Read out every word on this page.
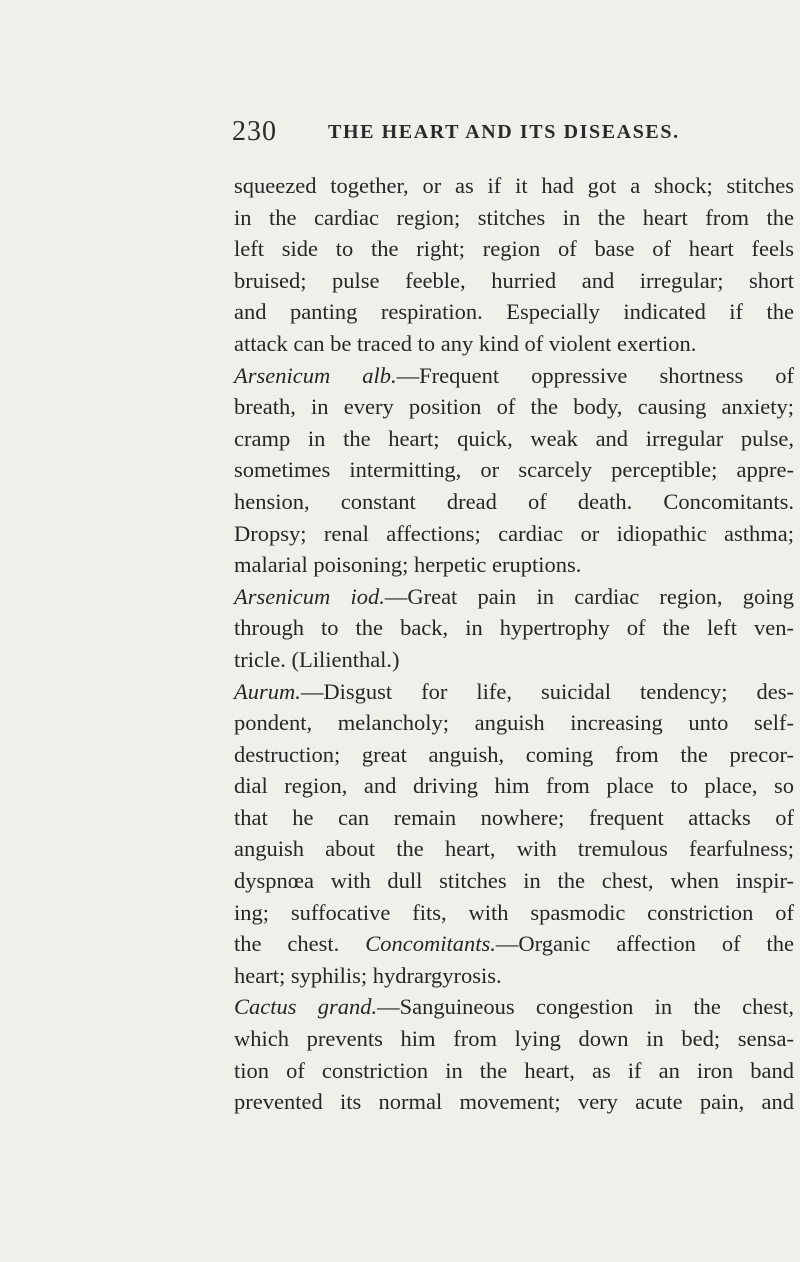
230	THE HEART AND ITS DISEASES.
squeezed together, or as if it had got a shock; stitches
in the cardiac region; stitches in the heart from the
left side to the right; region of base of heart feels
bruised; pulse feeble, hurried and irregular; short
and panting respiration. Especially indicated if the
attack can be traced to any kind of violent exertion.
Arsenicum alb.—Frequent oppressive shortness of
breath, in every position of the body, causing anxiety;
cramp in the heart; quick, weak and irregular pulse,
sometimes intermitting, or scarcely perceptible; appre-
hension, constant dread of death. Concomitants.
Dropsy; renal affections; cardiac or idiopathic asthma;
malarial poisoning; herpetic eruptions.
Arsenicum iod.—Great pain in cardiac region, going
through to the back, in hypertrophy of the left ven-
tricle. (Lilienthal.)
Aurum.—Disgust for life, suicidal tendency; des-
pondent, melancholy; anguish increasing unto self-
destruction; great anguish, coming from the precor-
dial region, and driving him from place to place, so
that he can remain nowhere; frequent attacks of
anguish about the heart, with tremulous fearfulness;
dyspnœa with dull stitches in the chest, when inspir-
ing; suffocative fits, with spasmodic constriction of
the chest. Concomitants.—Organic affection of the
heart; syphilis; hydrargyrosis.
Cactus grand.—Sanguineous congestion in the chest,
which prevents him from lying down in bed; sensa-
tion of constriction in the heart, as if an iron band
prevented its normal movement; very acute pain, and
